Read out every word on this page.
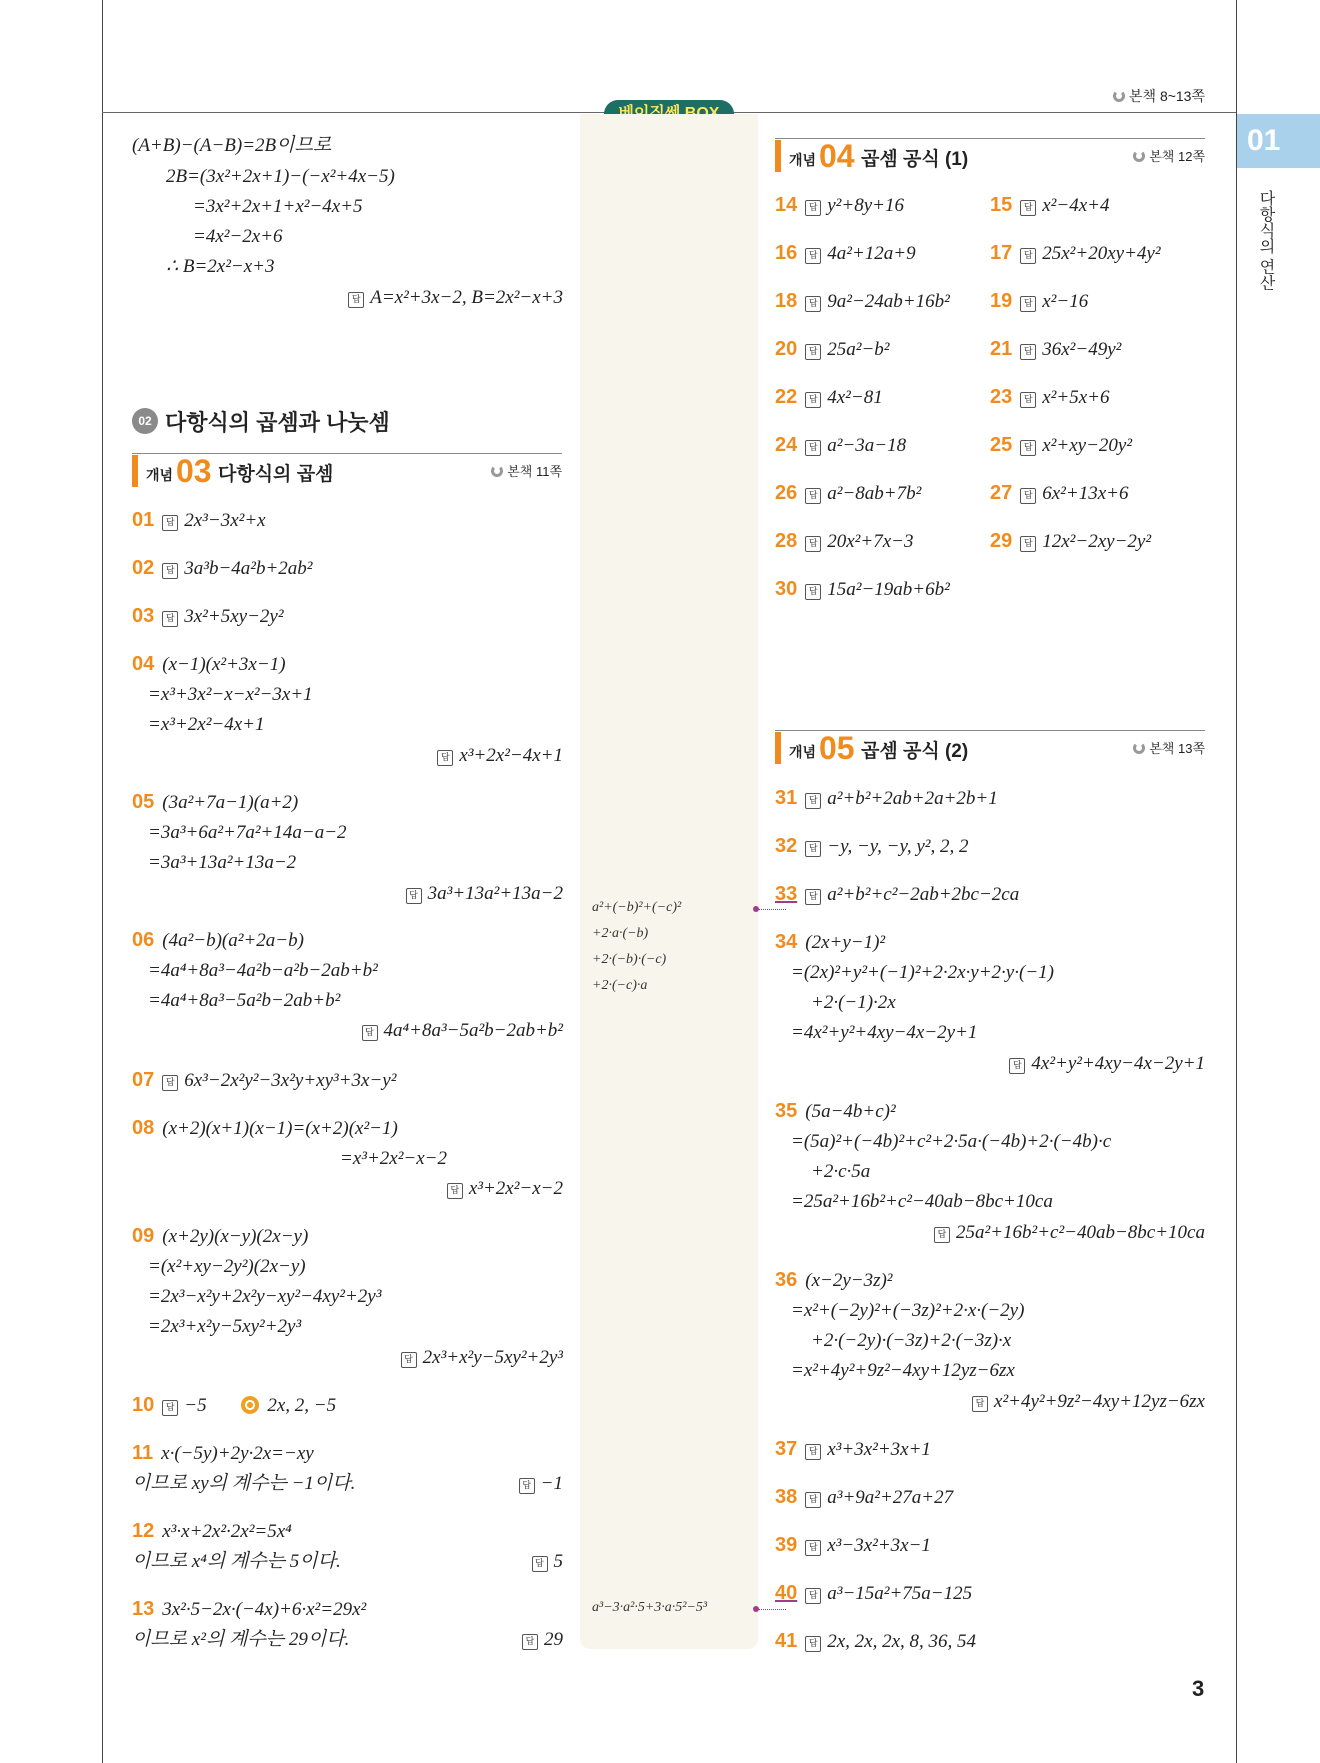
본책 8~13쪽
01
다항식의 연산
3
(A+B)−(A−B)=2B이므로
2B=(3x²+2x+1)−(−x²+4x−5)
=3x²+2x+1+x²−4x+5
=4x²−2x+6
∴ B=2x²−x+3
답 A=x²+3x−2, B=2x²−x+3
02 다항식의 곱셈과 나눗셈
개념 03 다항식의 곱셈	본책 11쪽
01 답 2x³−3x²+x
02 답 3a³b−4a²b+2ab²
03 답 3x²+5xy−2y²
04 (x−1)(x²+3x−1)
=x³+3x²−x−x²−3x+1
=x³+2x²−4x+1
답 x³+2x²−4x+1
05 (3a²+7a−1)(a+2)
=3a³+6a²+7a²+14a−a−2
=3a³+13a²+13a−2
답 3a³+13a²+13a−2
06 (4a²−b)(a²+2a−b)
=4a⁴+8a³−4a²b−a²b−2ab+b²
=4a⁴+8a³−5a²b−2ab+b²
답 4a⁴+8a³−5a²b−2ab+b²
07 답 6x³−2x²y²−3x²y+xy³+3x−y²
08 (x+2)(x+1)(x−1)=(x+2)(x²−1)
=x³+2x²−x−2
답 x³+2x²−x−2
09 (x+2y)(x−y)(2x−y)
=(x²+xy−2y²)(2x−y)
=2x³−x²y+2x²y−xy²−4xy²+2y³
=2x³+x²y−5xy²+2y³
답 2x³+x²y−5xy²+2y³
10 답 −5	2x, 2, −5
11 x·(−5y)+2y·2x=−xy
이므로 xy의 계수는 −1이다.	답 −1
12 x³·x+2x²·2x²=5x⁴
이므로 x⁴의 계수는 5이다.	답 5
13 3x²·5−2x·(−4x)+6·x²=29x²
이므로 x²의 계수는 29이다.	답 29
a²+(−b)²+(−c)²
+2·a·(−b)
+2·(−b)·(−c)
+2·(−c)·a
a³−3·a²·5+3·a·5²−5³
개념 04 곱셈 공식 (1)	본책 12쪽
14 답 y²+8y+16	15 답 x²−4x+4
16 답 4a²+12a+9	17 답 25x²+20xy+4y²
18 답 9a²−24ab+16b² 19 답 x²−16
20 답 25a²−b²	21 답 36x²−49y²
22 답 4x²−81	23 답 x²+5x+6
24 답 a²−3a−18	25 답 x²+xy−20y²
26 답 a²−8ab+7b²	27 답 6x²+13x+6
28 답 20x²+7x−3	29 답 12x²−2xy−2y²
30 답 15a²−19ab+6b²
개념 05 곱셈 공식 (2)	본책 13쪽
31 답 a²+b²+2ab+2a+2b+1
32 답 −y, −y, −y, y², 2, 2
33 답 a²+b²+c²−2ab+2bc−2ca
34 (2x+y−1)²
=(2x)²+y²+(−1)²+2·2x·y+2·y·(−1)
+2·(−1)·2x
=4x²+y²+4xy−4x−2y+1
답 4x²+y²+4xy−4x−2y+1
35 (5a−4b+c)²
=(5a)²+(−4b)²+c²+2·5a·(−4b)+2·(−4b)·c
+2·c·5a
=25a²+16b²+c²−40ab−8bc+10ca
답 25a²+16b²+c²−40ab−8bc+10ca
36 (x−2y−3z)²
=x²+(−2y)²+(−3z)²+2·x·(−2y)
+2·(−2y)·(−3z)+2·(−3z)·x
=x²+4y²+9z²−4xy+12yz−6zx
답 x²+4y²+9z²−4xy+12yz−6zx
37 답 x³+3x²+3x+1
38 답 a³+9a²+27a+27
39 답 x³−3x²+3x−1
40 답 a³−15a²+75a−125
41 답 2x, 2x, 2x, 8, 36, 54
